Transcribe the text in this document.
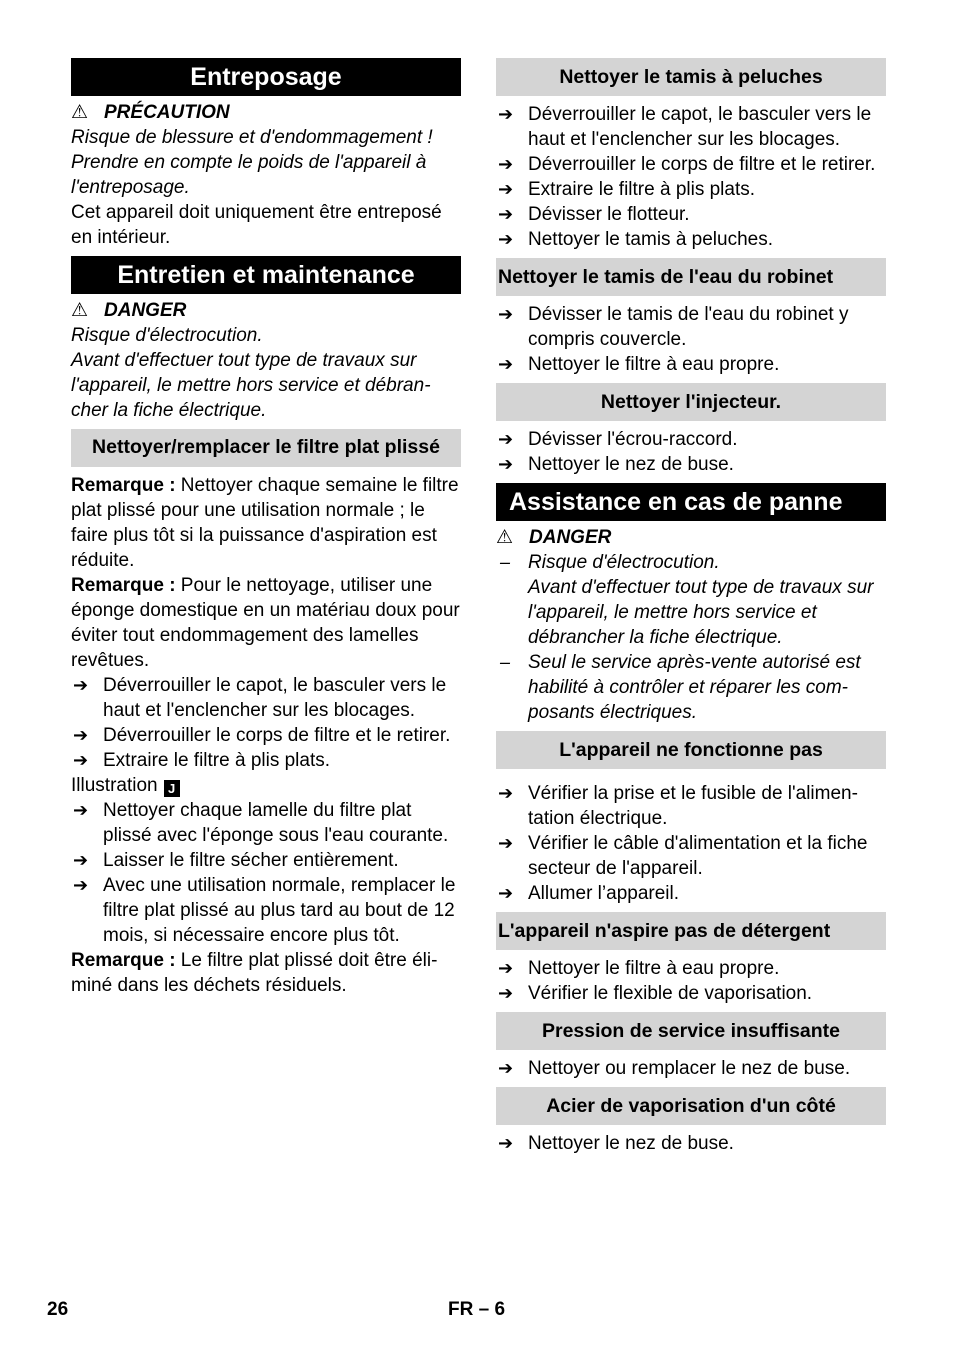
Entreposage

⚠ PRÉCAUTION

Risque de blessure et d'endommagement ! Prendre en compte le poids de l'appareil à l'entreposage.

Cet appareil doit uniquement être entreposé en intérieur.

Entretien et maintenance

⚠ DANGER

Risque d'électrocution.

Avant d'effectuer tout type de travaux sur l'appareil, le mettre hors service et débrancher la fiche électrique.

Nettoyer/remplacer le filtre plat plissé

Remarque : Nettoyer chaque semaine le filtre plat plissé pour une utilisation normale ; le faire plus tôt si la puissance d'aspiration est réduite.

Remarque : Pour le nettoyage, utiliser une éponge domestique en un matériau doux pour éviter tout endommagement des lamelles revêtues.

➔ Déverrouiller le capot, le basculer vers le haut et l'enclencher sur les blocages.
➔ Déverrouiller le corps de filtre et le retirer.
➔ Extraire le filtre à plis plats.

Illustration J

➔ Nettoyer chaque lamelle du filtre plat plissé avec l'éponge sous l'eau courante.
➔ Laisser le filtre sécher entièrement.
➔ Avec une utilisation normale, remplacer le filtre plat plissé au plus tard au bout de 12 mois, si nécessaire encore plus tôt.

Remarque : Le filtre plat plissé doit être éliminé dans les déchets résiduels.

Nettoyer le tamis à peluches
➔ Déverrouiller le capot, le basculer vers le haut et l'enclencher sur les blocages.
➔ Déverrouiller le corps de filtre et le retirer.
➔ Extraire le filtre à plis plats.
➔ Dévisser le flotteur.
➔ Nettoyer le tamis à peluches.
Nettoyer le tamis de l'eau du robinet
➔ Dévisser le tamis de l'eau du robinet y compris couvercle.
➔ Nettoyer le filtre à eau propre.
Nettoyer l'injecteur.
➔ Dévisser l'écrou-raccord.
➔ Nettoyer le nez de buse.
Assistance en cas de panne

⚠ DANGER

– Risque d'électrocution.
Avant d'effectuer tout type de travaux sur l'appareil, le mettre hors service et débrancher la fiche électrique.
– Seul le service après-vente autorisé est habilité à contrôler et réparer les composants électriques.
L'appareil ne fonctionne pas
➔ Vérifier la prise et le fusible de l'alimentation électrique.
➔ Vérifier le câble d'alimentation et la fiche secteur de l'appareil.
➔ Allumer l’appareil.
L'appareil n'aspire pas de détergent
➔ Nettoyer le filtre à eau propre.
➔ Vérifier le flexible de vaporisation.
Pression de service insuffisante
➔ Nettoyer ou remplacer le nez de buse.
Acier de vaporisation d'un côté
➔ Nettoyer le nez de buse.
26	FR – 6
